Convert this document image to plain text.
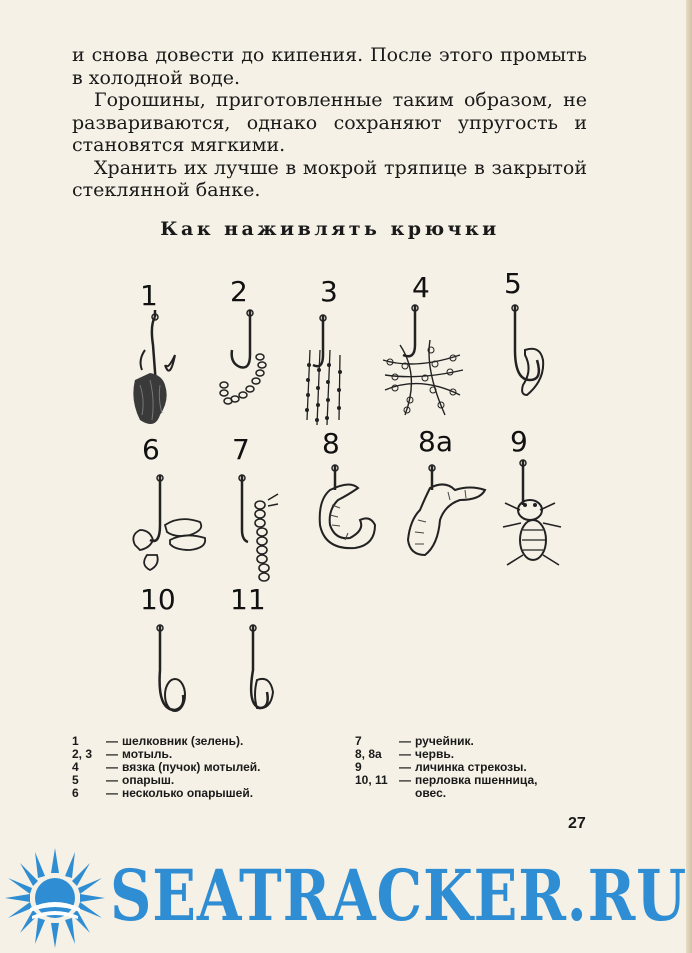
и снова довести до кипения. После этого промыть в холодной воде.

Горошины, приготовленные таким образом, не развариваются, однако сохраняют упругость и становятся мягкими.

Хранить их лучше в мокрой тряпице в закрытой стеклянной банке.

Как наживлять крючки
1	2	3	4	5
6	7	8	8а 9
10 11
1	— шелковник (зелень).
2, 3	— мотыль.
4	— вязка (пучок) мотылей.
5	— опарыш.
6	— несколько опарышей.
7	— ручейник.
8, 8а	— червь.
9	— личинка стрекозы.
10, 11 — перловка пшенница,
овес.
27
SEATRACKER.RU
